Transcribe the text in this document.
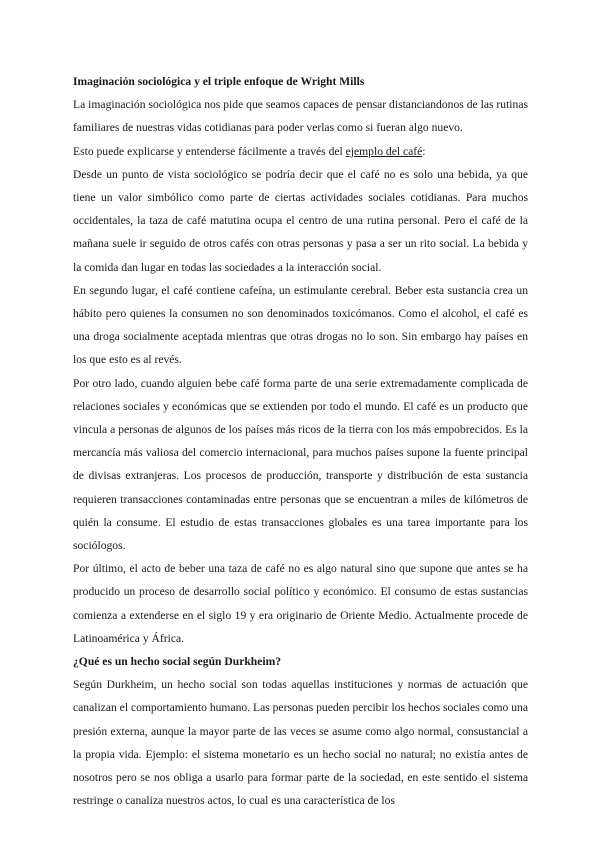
Imaginación sociológica y el triple enfoque de Wright Mills

La imaginación sociológica nos pide que seamos capaces de pensar distanciandonos de las rutinas familiares de nuestras vidas cotidianas para poder verlas como si fueran algo nuevo.

Esto puede explicarse y entenderse fácilmente a través del ejemplo del café:

Desde un punto de vista sociológico se podría decir que el café no es solo una bebida, ya que tiene un valor simbólico como parte de ciertas actividades sociales cotidianas. Para muchos occidentales, la taza de café matutina ocupa el centro de una rutina personal. Pero el café de la mañana suele ir seguido de otros cafés con otras personas y pasa a ser un rito social. La bebida y la comida dan lugar en todas las sociedades a la interacción social.

En segundo lugar, el café contiene cafeína, un estimulante cerebral. Beber esta sustancia crea un hábito pero quienes la consumen no son denominados toxicómanos. Como el alcohol, el café es una droga socialmente aceptada mientras que otras drogas no lo son. Sin embargo hay países en los que esto es al revés.

Por otro lado, cuando alguien bebe café forma parte de una serie extremadamente complicada de relaciones sociales y económicas que se extienden por todo el mundo. El café es un producto que vincula a personas de algunos de los países más ricos de la tierra con los más empobrecidos. Es la mercancía más valiosa del comercio internacional, para muchos países supone la fuente principal de divisas extranjeras. Los procesos de producción, transporte y distribución de esta sustancia requieren transacciones contaminadas entre personas que se encuentran a miles de kilómetros de quién la consume. El estudio de estas transacciones globales es una tarea importante para los sociólogos.

Por último, el acto de beber una taza de café no es algo natural sino que supone que antes se ha producido un proceso de desarrollo social político y económico. El consumo de estas sustancias comienza a extenderse en el siglo 19 y era originario de Oriente Medio. Actualmente procede de Latinoamérica y África.

¿Qué es un hecho social según Durkheim?

Según Durkheim, un hecho social son todas aquellas instituciones y normas de actuación que canalizan el comportamiento humano. Las personas pueden percibir los hechos sociales como una presión externa, aunque la mayor parte de las veces se asume como algo normal, consustancial a la propia vida. Ejemplo: el sistema monetario es un hecho social no natural; no existía antes de nosotros pero se nos obliga a usarlo para formar parte de la sociedad, en este sentido el sistema restringe o canaliza nuestros actos, lo cual es una característica de los
